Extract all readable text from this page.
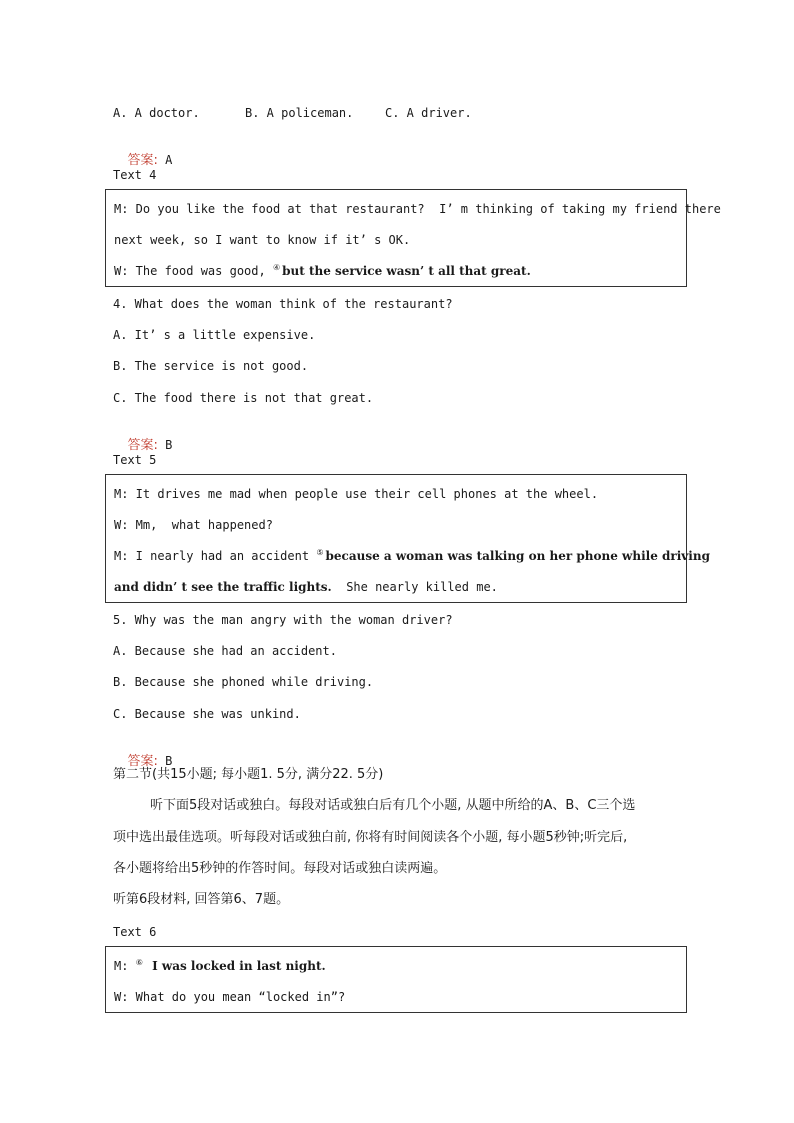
A. A doctor.	B. A policeman.	C. A driver.

答案: A

Text 4
M: Do you like the food at that restaurant?  I’ m thinking of taking my friend there
next week, so I want to know if it’ s OK.
W: The food was good, ④ but the service wasn’ t all that great.
4. What does the woman think of the restaurant?
A. It’ s a little expensive.
B. The service is not good.
C. The food there is not that great.

答案: B

Text 5
M: It drives me mad when people use their cell phones at the wheel.
W: Mm,  what happened?
M: I nearly had an accident ⑤ because a woman was talking on her phone while driving
and didn’ t see the traffic lights. She nearly killed me.
5. Why was the man angry with the woman driver?
A. Because she had an accident.
B. Because she phoned while driving.
C. Because she was unkind.

答案: B

第二节(共15小题; 每小题1. 5分, 满分22. 5分)
听下面5段对话或独白。每段对话或独白后有几个小题, 从题中所给的A、B、C三个选
项中选出最佳选项。听每段对话或独白前, 你将有时间阅读各个小题, 每小题5秒钟;听完后,
各小题将给出5秒钟的作答时间。每段对话或独白读两遍。
听第6段材料, 回答第6、7题。
Text 6
M: ⑥ I was locked in last night.
W: What do you mean “locked in”?
